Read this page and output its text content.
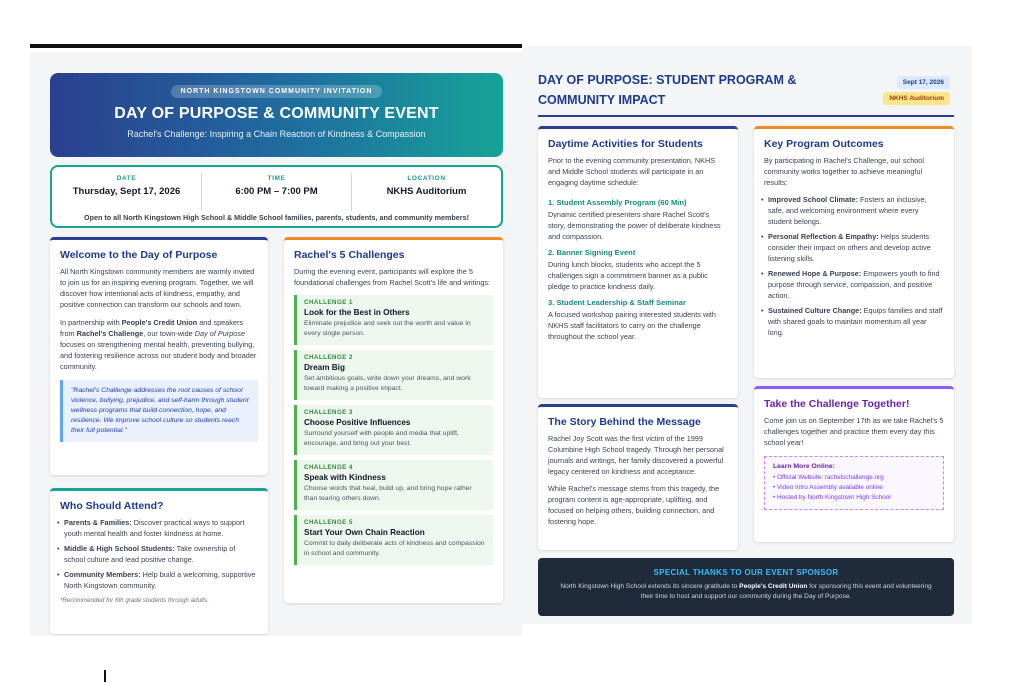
NORTH KINGSTOWN COMMUNITY INVITATION
DAY OF PURPOSE & COMMUNITY EVENT
Rachel's Challenge: Inspiring a Chain Reaction of Kindness & Compassion
DATE
Thursday, Sept 17, 2026
TIME
6:00 PM – 7:00 PM
LOCATION
NKHS Auditorium
Open to all North Kingstown High School & Middle School families, parents, students, and community members!
Welcome to the Day of Purpose

All North Kingstown community members are warmly invited to join us for an inspiring evening program. Together, we will discover how intentional acts of kindness, empathy, and positive connection can transform our schools and town.

In partnership with People's Credit Union and speakers from Rachel's Challenge, our town-wide Day of Purpose focuses on strengthening mental health, preventing bullying, and fostering resilience across our student body and broader community.

"Rachel's Challenge addresses the root causes of school violence, bullying, prejudice, and self-harm through student wellness programs that build connection, hope, and resilience. We improve school culture so students reach their full potential."
Who Should Attend?
• Parents & Families: Discover practical ways to support youth mental health and foster kindness at home.
• Middle & High School Students: Take ownership of school culture and lead positive change.
• Community Members: Help build a welcoming, supportive North Kingstown community.
*Recommended for 6th grade students through adults.
Rachel's 5 Challenges

During the evening event, participants will explore the 5 foundational challenges from Rachel Scott's life and writings:

CHALLENGE 1
Look for the Best in Others
Eliminate prejudice and seek out the worth and value in every single person.
CHALLENGE 2
Dream Big
Set ambitious goals, write down your dreams, and work toward making a positive impact.
CHALLENGE 3
Choose Positive Influences
Surround yourself with people and media that uplift, encourage, and bring out your best.
CHALLENGE 4
Speak with Kindness
Choose words that heal, build up, and bring hope rather than tearing others down.
CHALLENGE 5
Start Your Own Chain Reaction
Commit to daily deliberate acts of kindness and compassion in school and community.
DAY OF PURPOSE: STUDENT PROGRAM & COMMUNITY IMPACT
Sept 17, 2026
NKHS Auditorium
Daytime Activities for Students

Prior to the evening community presentation, NKHS and Middle School students will participate in an engaging daytime schedule:

1. Student Assembly Program (60 Min)

Dynamic certified presenters share Rachel Scott's story, demonstrating the power of deliberate kindness and compassion.

2. Banner Signing Event

During lunch blocks, students who accept the 5 challenges sign a commitment banner as a public pledge to practice kindness daily.

3. Student Leadership & Staff Seminar

A focused workshop pairing interested students with NKHS staff facilitators to carry on the challenge throughout the school year.

The Story Behind the Message

Rachel Joy Scott was the first victim of the 1999 Columbine High School tragedy. Through her personal journals and writings, her family discovered a powerful legacy centered on kindness and acceptance.

While Rachel's message stems from this tragedy, the program content is age-appropriate, uplifting, and focused on helping others, building connection, and fostering hope.

Key Program Outcomes

By participating in Rachel's Challenge, our school community works together to achieve meaningful results:

• Improved School Climate: Fosters an inclusive, safe, and welcoming environment where every student belongs.
• Personal Reflection & Empathy: Helps students consider their impact on others and develop active listening skills.
• Renewed Hope & Purpose: Empowers youth to find purpose through service, compassion, and positive action.
• Sustained Culture Change: Equips families and staff with shared goals to maintain momentum all year long.
Take the Challenge Together!

Come join us on September 17th as we take Rachel's 5 challenges together and practice them every day this school year!

Learn More Online:
• Official Website: rachelschallenge.org
• Video Intro Assembly available online
• Hosted by North Kingstown High School
SPECIAL THANKS TO OUR EVENT SPONSOR
North Kingstown High School extends its sincere gratitude to People's Credit Union for sponsoring this event and volunteering their time to host and support our community during the Day of Purpose.
